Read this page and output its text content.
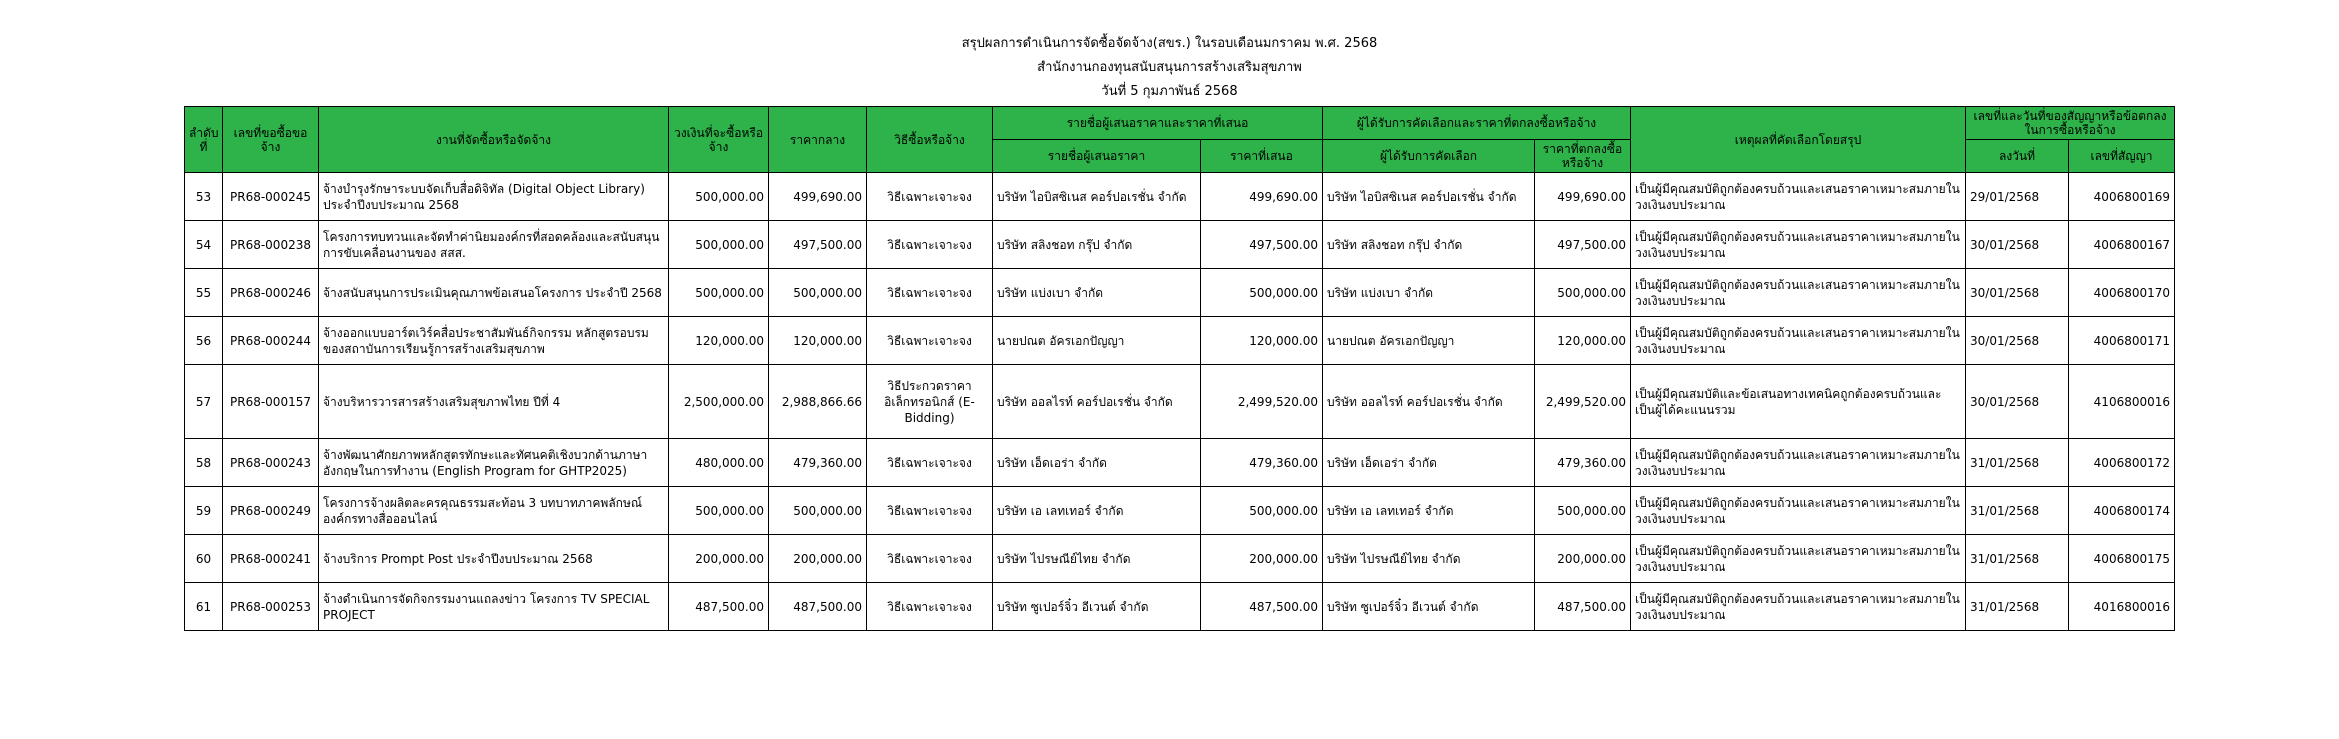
สรุปผลการดำเนินการจัดซื้อจัดจ้าง(สขร.) ในรอบเดือนมกราคม พ.ศ. 2568
สำนักงานกองทุนสนับสนุนการสร้างเสริมสุขภาพ
วันที่ 5 กุมภาพันธ์ 2568
ลำดับที่	เลขที่ขอซื้อขอจ้าง	งานที่จัดซื้อหรือจัดจ้าง	วงเงินที่จะซื้อหรือจ้าง	ราคากลาง	วิธีซื้อหรือจ้าง	รายชื่อผู้เสนอราคาและราคาที่เสนอ		ผู้ได้รับการคัดเลือกและราคาที่ตกลงซื้อหรือจ้าง		เหตุผลที่คัดเลือกโดยสรุป	เลขที่และวันที่ของสัญญาหรือข้อตกลงในการซื้อหรือจ้าง	
						รายชื่อผู้เสนอราคา	ราคาที่เสนอ	ผู้ได้รับการคัดเลือก	ราคาที่ตกลงซื้อหรือจ้าง		ลงวันที่	เลขที่สัญญา
53	PR68-000245	จ้างบำรุงรักษาระบบจัดเก็บสื่อดิจิทัล (Digital Object Library) ประจำปีงบประมาณ 2568	500,000.00	499,690.00	วิธีเฉพาะเจาะจง	บริษัท ไอบิสซิเนส คอร์ปอเรชั่น จำกัด	499,690.00	บริษัท ไอบิสซิเนส คอร์ปอเรชั่น จำกัด	499,690.00	เป็นผู้มีคุณสมบัติถูกต้องครบถ้วนและเสนอราคาเหมาะสมภายในวงเงินงบประมาณ	29/01/2568	4006800169
54	PR68-000238	โครงการทบทวนและจัดทำค่านิยมองค์กรที่สอดคล้องและสนับสนุนการขับเคลื่อนงานของ สสส.	500,000.00	497,500.00	วิธีเฉพาะเจาะจง	บริษัท สลิงชอท กรุ๊ป จำกัด	497,500.00	บริษัท สลิงชอท กรุ๊ป จำกัด	497,500.00	เป็นผู้มีคุณสมบัติถูกต้องครบถ้วนและเสนอราคาเหมาะสมภายในวงเงินงบประมาณ	30/01/2568	4006800167
55	PR68-000246	จ้างสนับสนุนการประเมินคุณภาพข้อเสนอโครงการ ประจำปี 2568	500,000.00	500,000.00	วิธีเฉพาะเจาะจง	บริษัท แบ่งเบา จำกัด	500,000.00	บริษัท แบ่งเบา จำกัด	500,000.00	เป็นผู้มีคุณสมบัติถูกต้องครบถ้วนและเสนอราคาเหมาะสมภายในวงเงินงบประมาณ	30/01/2568	4006800170
56	PR68-000244	จ้างออกแบบอาร์ตเวิร์คสื่อประชาสัมพันธ์กิจกรรม หลักสูตรอบรมของสถาบันการเรียนรู้การสร้างเสริมสุขภาพ	120,000.00	120,000.00	วิธีเฉพาะเจาะจง	นายปณต อัครเอกปัญญา	120,000.00	นายปณต อัครเอกปัญญา	120,000.00	เป็นผู้มีคุณสมบัติถูกต้องครบถ้วนและเสนอราคาเหมาะสมภายในวงเงินงบประมาณ	30/01/2568	4006800171
57	PR68-000157	จ้างบริหารวารสารสร้างเสริมสุขภาพไทย ปีที่ 4	2,500,000.00	2,988,866.66	วิธีประกวดราคาอิเล็กทรอนิกส์ (E-Bidding)	บริษัท ออลไรท์ คอร์ปอเรชั่น จำกัด	2,499,520.00	บริษัท ออลไรท์ คอร์ปอเรชั่น จำกัด	2,499,520.00	เป็นผู้มีคุณสมบัติและข้อเสนอทางเทคนิคถูกต้องครบถ้วนและเป็นผู้ได้คะแนนรวม	30/01/2568	4106800016
58	PR68-000243	จ้างพัฒนาศักยภาพหลักสูตรทักษะและทัศนคติเชิงบวกด้านภาษาอังกฤษในการทำงาน (English Program for GHTP2025)	480,000.00	479,360.00	วิธีเฉพาะเจาะจง	บริษัท เอ็ดเอร่า จำกัด	479,360.00	บริษัท เอ็ดเอร่า จำกัด	479,360.00	เป็นผู้มีคุณสมบัติถูกต้องครบถ้วนและเสนอราคาเหมาะสมภายในวงเงินงบประมาณ	31/01/2568	4006800172
59	PR68-000249	โครงการจ้างผลิตละครคุณธรรมสะท้อน 3 บทบาทภาคพลักษณ์องค์กรทางสื่อออนไลน์	500,000.00	500,000.00	วิธีเฉพาะเจาะจง	บริษัท เอ เลทเทอร์ จำกัด	500,000.00	บริษัท เอ เลทเทอร์ จำกัด	500,000.00	เป็นผู้มีคุณสมบัติถูกต้องครบถ้วนและเสนอราคาเหมาะสมภายในวงเงินงบประมาณ	31/01/2568	4006800174
60	PR68-000241	จ้างบริการ Prompt Post ประจำปีงบประมาณ 2568	200,000.00	200,000.00	วิธีเฉพาะเจาะจง	บริษัท ไปรษณีย์ไทย จำกัด	200,000.00	บริษัท ไปรษณีย์ไทย จำกัด	200,000.00	เป็นผู้มีคุณสมบัติถูกต้องครบถ้วนและเสนอราคาเหมาะสมภายในวงเงินงบประมาณ	31/01/2568	4006800175
61	PR68-000253	จ้างดำเนินการจัดกิจกรรมงานแถลงข่าว โครงการ TV SPECIAL PROJECT	487,500.00	487,500.00	วิธีเฉพาะเจาะจง	บริษัท ซูเปอร์จิ๋ว อีเวนต์ จำกัด	487,500.00	บริษัท ซูเปอร์จิ๋ว อีเวนต์ จำกัด	487,500.00	เป็นผู้มีคุณสมบัติถูกต้องครบถ้วนและเสนอราคาเหมาะสมภายในวงเงินงบประมาณ	31/01/2568	4016800016
